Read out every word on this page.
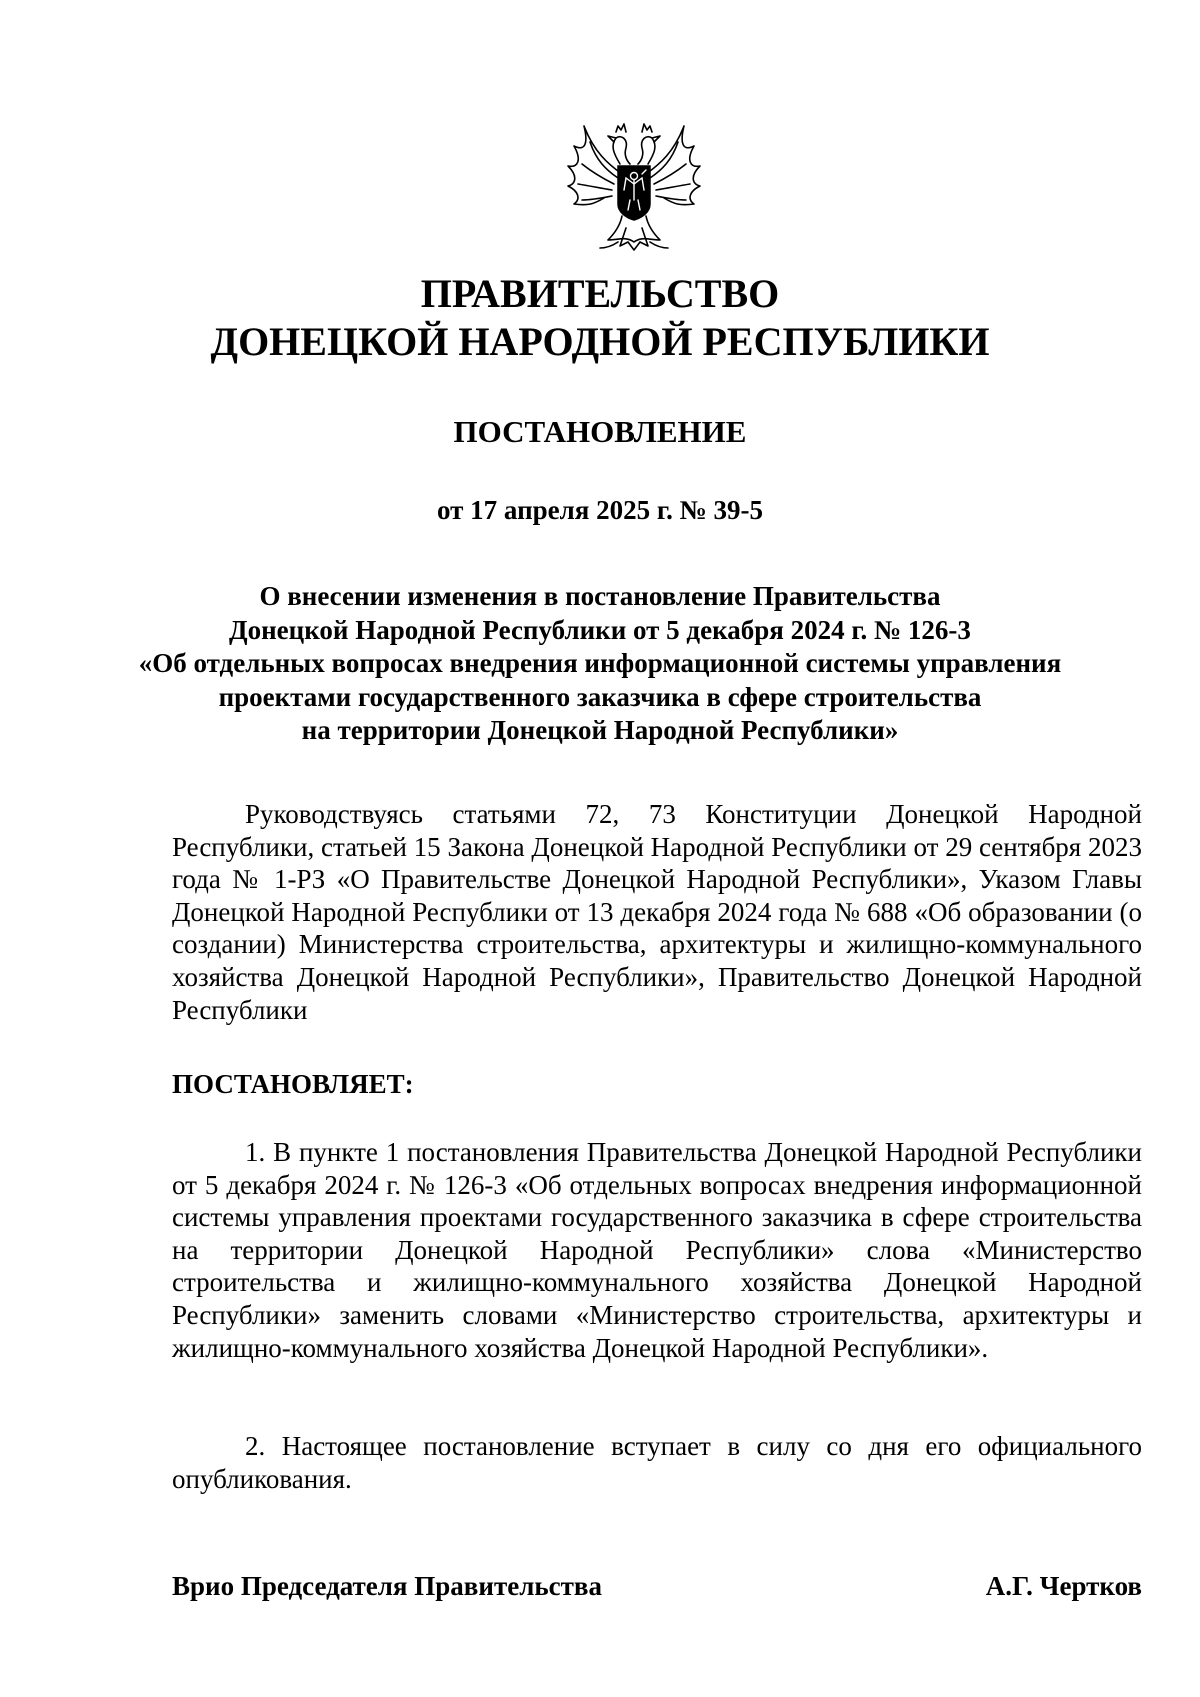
ПРАВИТЕЛЬСТВО
ДОНЕЦКОЙ НАРОДНОЙ РЕСПУБЛИКИ
ПОСТАНОВЛЕНИЕ
от 17 апреля 2025 г. № 39-5
О внесении изменения в постановление Правительства
Донецкой Народной Республики от 5 декабря 2024 г. № 126-3
«Об отдельных вопросах внедрения информационной системы управления
проектами государственного заказчика в сфере строительства
на территории Донецкой Народной Республики»
Руководствуясь статьями 72, 73 Конституции Донецкой Народной Республики, статьей 15 Закона Донецкой Народной Республики от 29 сентября 2023 года № 1-РЗ «О Правительстве Донецкой Народной Республики», Указом Главы Донецкой Народной Республики от 13 декабря 2024 года № 688 «Об образовании (о создании) Министерства строительства, архитектуры и жилищно-коммунального хозяйства Донецкой Народной Республики», Правительство Донецкой Народной Республики
ПОСТАНОВЛЯЕТ:
1. В пункте 1 постановления Правительства Донецкой Народной Республики от 5 декабря 2024 г. № 126-3 «Об отдельных вопросах внедрения информационной системы управления проектами государственного заказчика в сфере строительства на территории Донецкой Народной Республики» слова «Министерство строительства и жилищно-коммунального хозяйства Донецкой Народной Республики» заменить словами «Министерство строительства, архитектуры и жилищно-коммунального хозяйства Донецкой Народной Республики».
2. Настоящее постановление вступает в силу со дня его официального опубликования.
Врио Председателя Правительства	А.Г. Чертков
